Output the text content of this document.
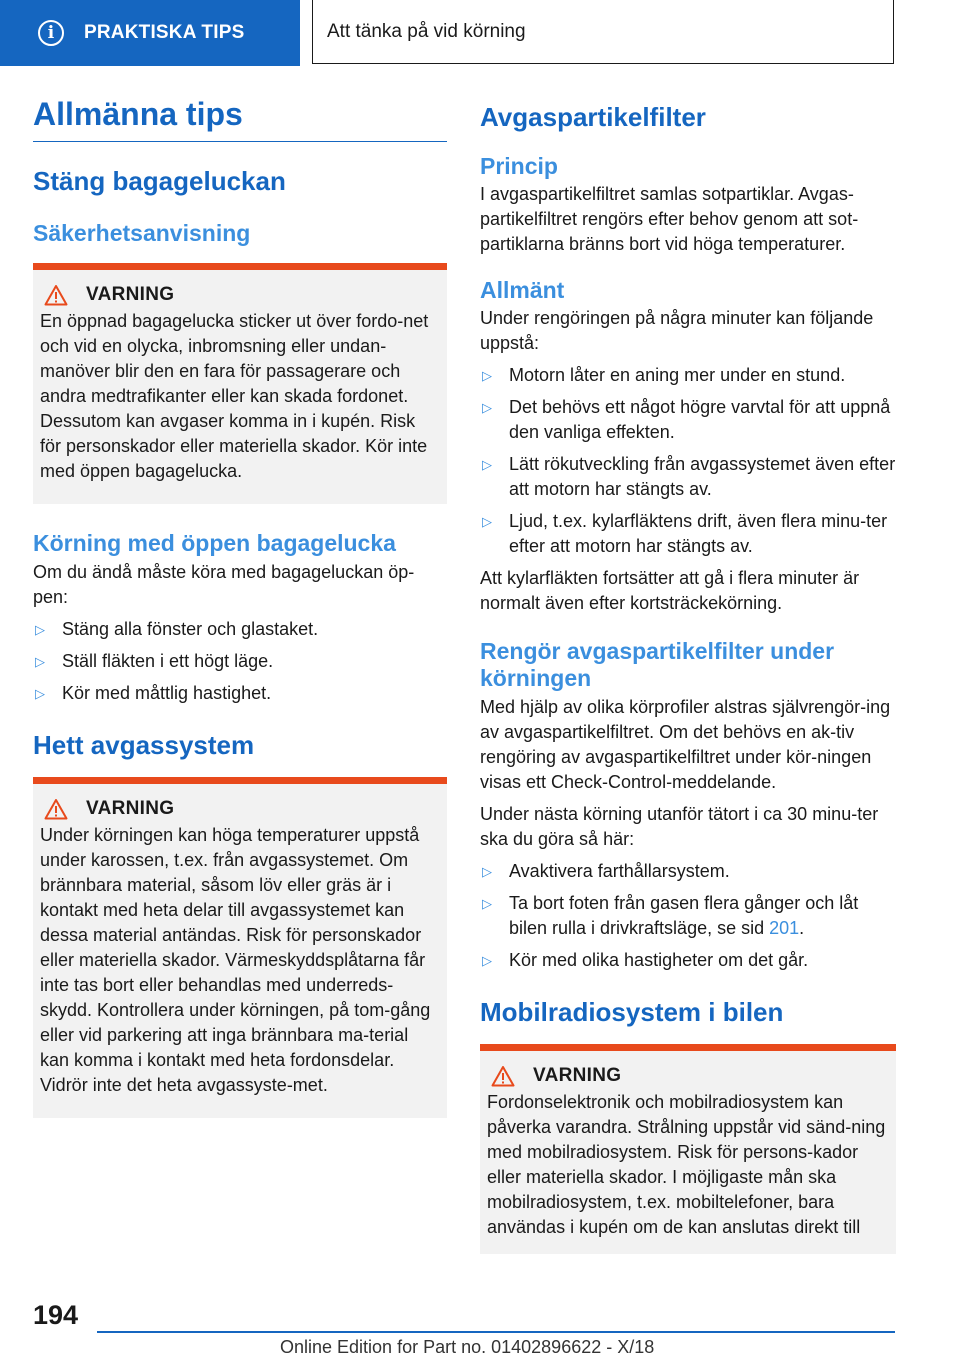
i	PRAKTISKA TIPS	Att tänka på vid körning
Allmänna tips
Stäng bagageluckan
Säkerhetsanvisning
VARNING

En öppnad bagagelucka sticker ut över fordo-net och vid en olycka, inbromsning eller undan-manöver blir den en fara för passagerare och andra medtrafikanter eller kan skada fordonet. Dessutom kan avgaser komma in i kupén. Risk för personskador eller materiella skador. Kör inte med öppen bagagelucka.

Körning med öppen bagagelucka

Om du ändå måste köra med bagageluckan öp-pen:

▷ Stäng alla fönster och glastaket.
▷ Ställ fläkten i ett högt läge.
▷ Kör med måttlig hastighet.
Hett avgassystem
VARNING

Under körningen kan höga temperaturer uppstå under karossen, t.ex. från avgassystemet. Om brännbara material, såsom löv eller gräs är i kontakt med heta delar till avgassystemet kan dessa material antändas. Risk för personskador eller materiella skador. Värmeskyddsplåtarna får inte tas bort eller behandlas med underreds-skydd. Kontrollera under körningen, på tom-gång eller vid parkering att inga brännbara ma-terial kan komma i kontakt med heta fordonsdelar. Vidrör inte det heta avgassyste-met.

Avgaspartikelfilter
Princip

I avgaspartikelfiltret samlas sotpartiklar. Avgas-partikelfiltret rengörs efter behov genom att sot-partiklarna bränns bort vid höga temperaturer.

Allmänt

Under rengöringen på några minuter kan följande uppstå:

▷ Motorn låter en aning mer under en stund.
▷ Det behövs ett något högre varvtal för att uppnå den vanliga effekten.
▷ Lätt rökutveckling från avgassystemet även efter att motorn har stängts av.
▷ Ljud, t.ex. kylarfläktens drift, även flera minu-ter efter att motorn har stängts av.

Att kylarfläkten fortsätter att gå i flera minuter är normalt även efter kortsträckekörning.

Rengör avgaspartikelfilter under körningen

Med hjälp av olika körprofiler alstras självrengör-ing av avgaspartikelfiltret. Om det behövs en ak-tiv rengöring av avgaspartikelfiltret under kör-ningen visas ett Check-Control-meddelande.

Under nästa körning utanför tätort i ca 30 minu-ter ska du göra så här:

▷ Avaktivera farthållarsystem.
▷ Ta bort foten från gasen flera gånger och låt bilen rulla i drivkraftsläge, se sid 201.
▷ Kör med olika hastigheter om det går.
Mobilradiosystem i bilen
VARNING

Fordonselektronik och mobilradiosystem kan påverka varandra. Strålning uppstår vid sänd-ning med mobilradiosystem. Risk för persons-kador eller materiella skador. I möjligaste mån ska mobilradiosystem, t.ex. mobiltelefoner, bara användas i kupén om de kan anslutas direkt till

194
Online Edition for Part no. 01402896622 - X/18
